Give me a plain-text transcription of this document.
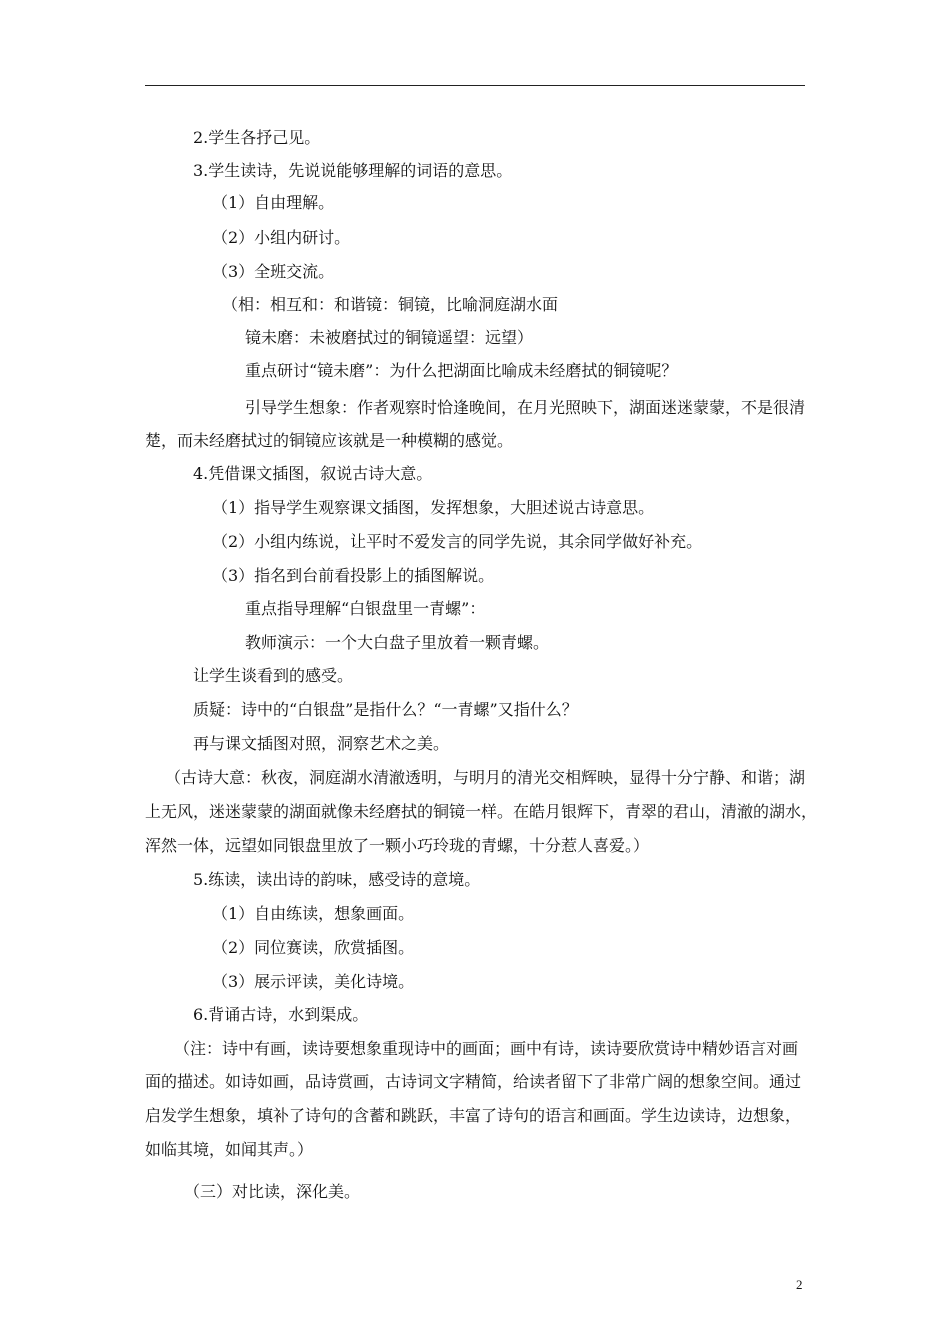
2.学生各抒己见。
3.学生读诗，先说说能够理解的词语的意思。
（1）自由理解。
（2）小组内研讨。
（3）全班交流。
（相：相互和：和谐镜：铜镜，比喻洞庭湖水面
镜未磨：未被磨拭过的铜镜遥望：远望）
重点研讨“镜未磨”：为什么把湖面比喻成未经磨拭的铜镜呢？
引导学生想象：作者观察时恰逢晚间，在月光照映下，湖面迷迷蒙蒙，不是很清
楚，而未经磨拭过的铜镜应该就是一种模糊的感觉。
4.凭借课文插图，叙说古诗大意。
（1）指导学生观察课文插图，发挥想象，大胆述说古诗意思。
（2）小组内练说，让平时不爱发言的同学先说，其余同学做好补充。
（3）指名到台前看投影上的插图解说。
重点指导理解“白银盘里一青螺”：
教师演示：一个大白盘子里放着一颗青螺。
让学生谈看到的感受。
质疑：诗中的“白银盘”是指什么？“一青螺”又指什么？
再与课文插图对照，洞察艺术之美。
（古诗大意：秋夜，洞庭湖水清澈透明，与明月的清光交相辉映，显得十分宁静、和谐；湖
上无风，迷迷蒙蒙的湖面就像未经磨拭的铜镜一样。在皓月银辉下，青翠的君山，清澈的湖水，
浑然一体，远望如同银盘里放了一颗小巧玲珑的青螺，十分惹人喜爱。）
5.练读，读出诗的韵味，感受诗的意境。
（1）自由练读，想象画面。
（2）同位赛读，欣赏插图。
（3）展示评读，美化诗境。
6.背诵古诗，水到渠成。
（注：诗中有画，读诗要想象重现诗中的画面；画中有诗，读诗要欣赏诗中精妙语言对画
面的描述。如诗如画，品诗赏画，古诗词文字精简，给读者留下了非常广阔的想象空间。通过
启发学生想象，填补了诗句的含蓄和跳跃，丰富了诗句的语言和画面。学生边读诗，边想象，
如临其境，如闻其声。）
（三）对比读，深化美。
2
